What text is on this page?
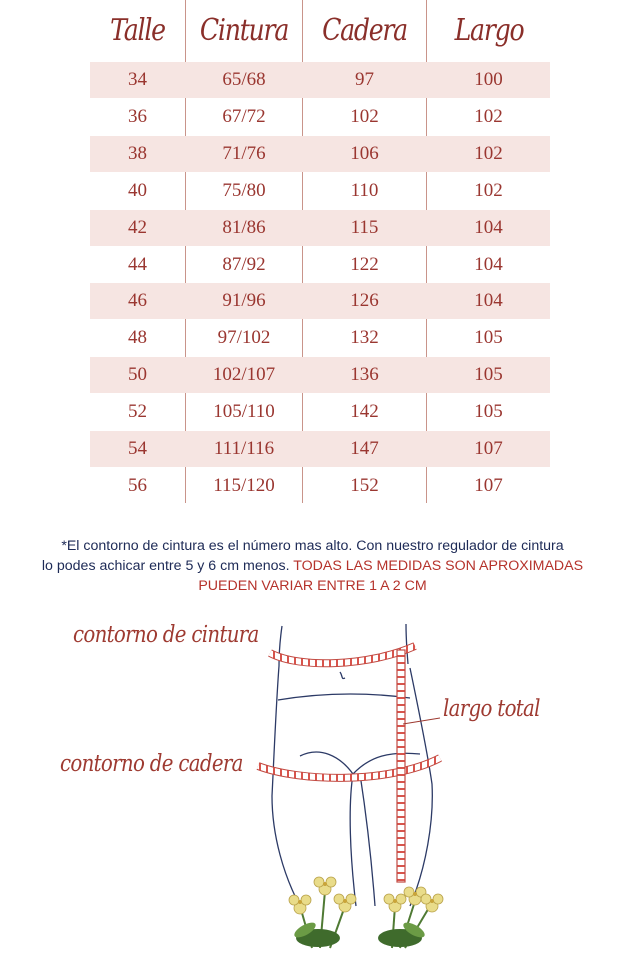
Talle	Cintura	Cadera	Largo
34	65/68	97	100
36	67/72	102	102
38	71/76	106	102
40	75/80	110	102
42	81/86	115	104
44	87/92	122	104
46	91/96	126	104
48	97/102	132	105
50	102/107	136	105
52	105/110	142	105
54	111/116	147	107
56	115/120	152	107

*El contorno de cintura es el número mas alto. Con nuestro regulador de cintura
lo podes achicar entre 5 y 6 cm menos. TODAS LAS MEDIDAS SON APROXIMADAS
PUEDEN VARIAR ENTRE 1 A 2 CM

contorno de cintura
largo total
contorno de cadera
